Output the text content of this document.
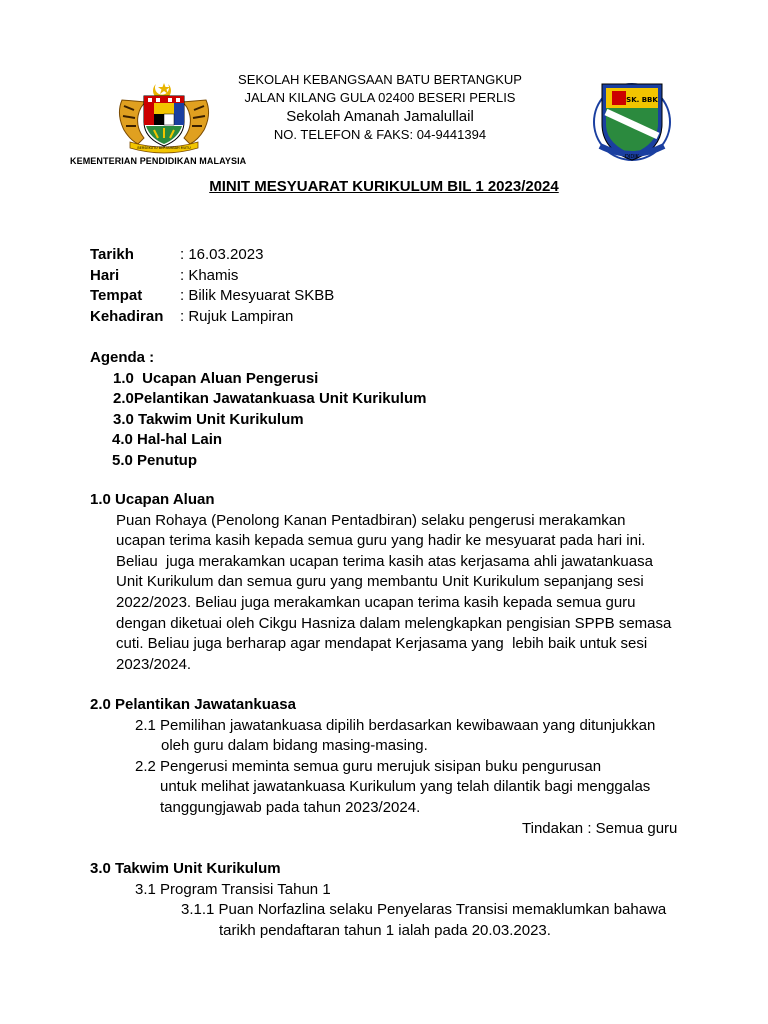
BERSEKUTU BERTAMBAH MUTU
KEMENTERIAN PENDIDIKAN MALAYSIA
SEKOLAH KEBANGSAAN BATU BERTANGKUP
JALAN KILANG GULA 02400 BESERI PERLIS
Sekolah Amanah Jamalullail
NO. TELEFON & FAKS: 04-9441394
SK. BBK
DIDIK
MINIT MESYUARAT KURIKULUM BIL 1 2023/2024
Tarikh	: 16.03.2023
Hari	: Khamis
Tempat	: Bilik Mesyuarat SKBB
Kehadiran : Rujuk Lampiran
Agenda :
1.0  Ucapan Aluan Pengerusi
2.0Pelantikan Jawatankuasa Unit Kurikulum
3.0 Takwim Unit Kurikulum
4.0 Hal-hal Lain
5.0 Penutup
1.0 Ucapan Aluan
Puan Rohaya (Penolong Kanan Pentadbiran) selaku pengerusi merakamkan
ucapan terima kasih kepada semua guru yang hadir ke mesyuarat pada hari ini.
Beliau  juga merakamkan ucapan terima kasih atas kerjasama ahli jawatankuasa
Unit Kurikulum dan semua guru yang membantu Unit Kurikulum sepanjang sesi
2022/2023. Beliau juga merakamkan ucapan terima kasih kepada semua guru
dengan diketuai oleh Cikgu Hasniza dalam melengkapkan pengisian SPPB semasa
cuti. Beliau juga berharap agar mendapat Kerjasama yang  lebih baik untuk sesi
2023/2024.
2.0 Pelantikan Jawatankuasa
2.1 Pemilihan jawatankuasa dipilih berdasarkan kewibawaan yang ditunjukkan
oleh guru dalam bidang masing-masing.
2.2 Pengerusi meminta semua guru merujuk sisipan buku pengurusan
untuk melihat jawatankuasa Kurikulum yang telah dilantik bagi menggalas
tanggungjawab pada tahun 2023/2024.
Tindakan : Semua guru
3.0 Takwim Unit Kurikulum
3.1 Program Transisi Tahun 1
3.1.1 Puan Norfazlina selaku Penyelaras Transisi memaklumkan bahawa
tarikh pendaftaran tahun 1 ialah pada 20.03.2023.
